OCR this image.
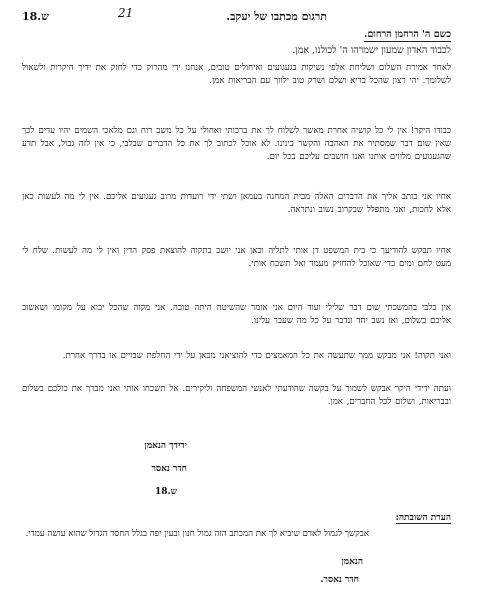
18.ש	21	תרגום מכתבו של יעקב.
כשם ה' הרחמן הרחום.
לכבוד האדון שמעון ישמרהו ה' לכולנו, אמן.

לאחר אמירת השלום ושליחת אלפי נשיקות בגעגועים ואיחולים טובים, אנחנו ידי מהרוק כדי לחזק את ידיך היקרות ולשאול לשלומך. יהי רצון שהכל בריא ושלם ושרק טוב ילווך עם הבריאות אמן.

כבודו היקר! אין לי כל קושיה אחרת מאשר לשלוח לך את ברכותי ואחולי על כל משב רוח וגם מלאכי השמים יהיו עדים לכך שאין שום דבר שמסתיר את האהבה והקשר בינינו. לא אוכל לכתוב לך את כל הדברים שבלבי, כי אין לזה גבול, אבל תדע שהגעגועים מלווים אותנו ואנו חושבים עליכם בכל יום.

אחיו אני כותב אליך את הדברים האלה מבית המחנה בעמאן ושתי ידי רועדות מרוב געגועים אליכם. אין לי מה לעשות כאן אלא לחכות, ואני מתפלל שבקרוב נשוב ונתראה.

אחיו תבקש להודיעך כי בית המשפט דן אותי לתליה וכאן אני יושב בתקוה להוצאת פסק הדין ואין לי מה לעשות. שלח לי מעט לחם ומים כדי שאוכל להחזיק מעמד ואל תשכח אותי.

אין בלבי בהמשכתי שום דבר שלילי ועוד היום אני אומר שהשיטה היתה טובה. אני מקוה שהכל יבוא על מקומו ושאשוב אליכם בשלום, ואז נשב יחד ונדבר על כל מה שעבר עלינו.

ואני תקוה! אני מבקש ממך שתעשה את כל המאמצים כדי להוציאני מכאן על ידי החלפת שבויים או בדרך אחרת.

ועתה ידידי היקר אבקש לשמור על בקשה שהודעתי לאנשי המשפחה וליקירים. אל תשכחו אותי ואני מברך את כולכם בשלום ובבריאות, ושלום לכל החברים, אמן.

ידידך הנאמן
חדר נאסר
18.ש
הערת השובתה:

אבקשך לגמול לאדם שיביא לך את המכתב הזה גמול חנון ובעין יפה בגלל החסד הגדול שהוא עושה עמדי.

הנאמן
חדר נאסר.
